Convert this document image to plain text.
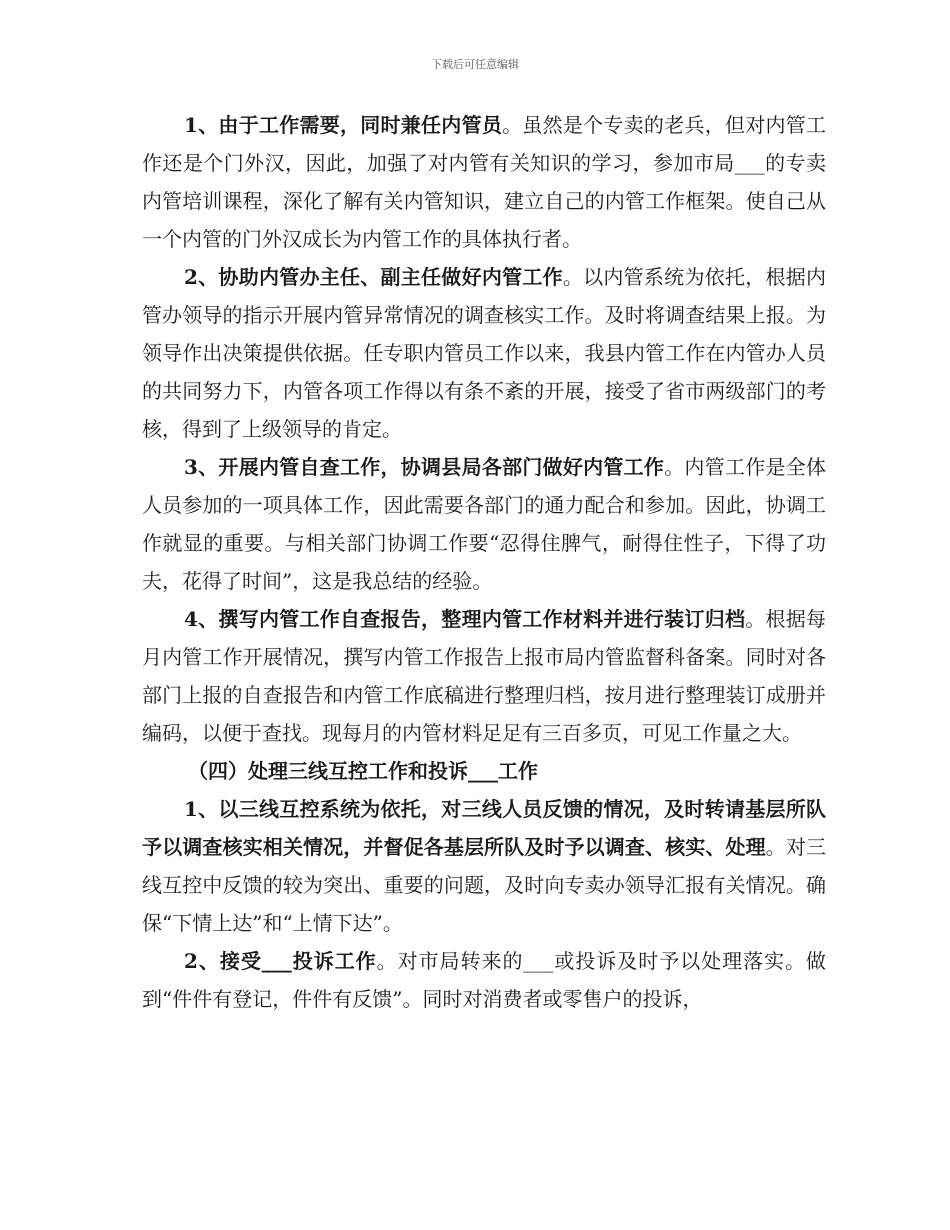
下载后可任意编辑

1、由于工作需要，同时兼任内管员。虽然是个专卖的老兵，但对内管工作还是个门外汉，因此，加强了对内管有关知识的学习，参加市局___的专卖内管培训课程，深化了解有关内管知识，建立自己的内管工作框架。使自己从一个内管的门外汉成长为内管工作的具体执行者。

2、协助内管办主任、副主任做好内管工作。以内管系统为依托，根据内管办领导的指示开展内管异常情况的调查核实工作。及时将调查结果上报。为领导作出决策提供依据。任专职内管员工作以来，我县内管工作在内管办人员的共同努力下，内管各项工作得以有条不紊的开展，接受了省市两级部门的考核，得到了上级领导的肯定。

3、开展内管自查工作，协调县局各部门做好内管工作。内管工作是全体人员参加的一项具体工作，因此需要各部门的通力配合和参加。因此，协调工作就显的重要。与相关部门协调工作要“忍得住脾气，耐得住性子，下得了功夫，花得了时间”，这是我总结的经验。

4、撰写内管工作自查报告，整理内管工作材料并进行装订归档。根据每月内管工作开展情况，撰写内管工作报告上报市局内管监督科备案。同时对各部门上报的自查报告和内管工作底稿进行整理归档，按月进行整理装订成册并编码，以便于查找。现每月的内管材料足足有三百多页，可见工作量之大。

（四）处理三线互控工作和投诉___工作

1、以三线互控系统为依托，对三线人员反馈的情况，及时转请基层所队予以调查核实相关情况，并督促各基层所队及时予以调查、核实、处理。对三线互控中反馈的较为突出、重要的问题，及时向专卖办领导汇报有关情况。确保“下情上达”和“上情下达”。

2、接受___投诉工作。对市局转来的___或投诉及时予以处理落实。做到“件件有登记，件件有反馈”。同时对消费者或零售户的投诉，
